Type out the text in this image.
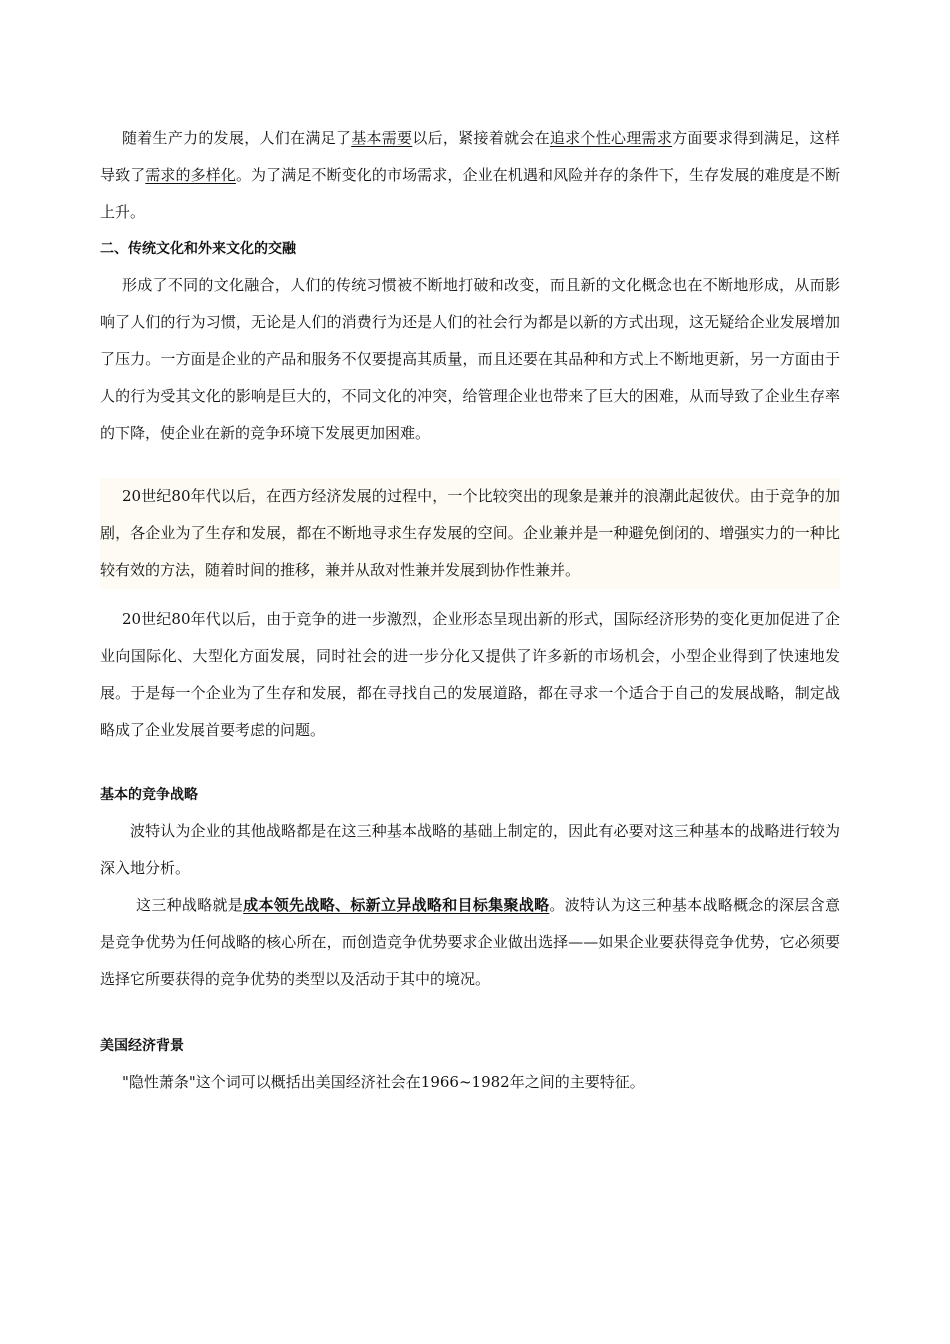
随着生产力的发展，人们在满足了基本需要以后，紧接着就会在追求个性心理需求方面要求得到满足，这样导致了需求的多样化。为了满足不断变化的市场需求，企业在机遇和风险并存的条件下，生存发展的难度是不断上升。

二、传统文化和外来文化的交融

形成了不同的文化融合，人们的传统习惯被不断地打破和改变，而且新的文化概念也在不断地形成，从而影响了人们的行为习惯，无论是人们的消费行为还是人们的社会行为都是以新的方式出现，这无疑给企业发展增加了压力。一方面是企业的产品和服务不仅要提高其质量，而且还要在其品种和方式上不断地更新，另一方面由于人的行为受其文化的影响是巨大的，不同文化的冲突，给管理企业也带来了巨大的困难，从而导致了企业生存率的下降，使企业在新的竞争环境下发展更加困难。

20世纪80年代以后，在西方经济发展的过程中，一个比较突出的现象是兼并的浪潮此起彼伏。由于竞争的加剧，各企业为了生存和发展，都在不断地寻求生存发展的空间。企业兼并是一种避免倒闭的、增强实力的一种比较有效的方法，随着时间的推移，兼并从敌对性兼并发展到协作性兼并。

20世纪80年代以后，由于竞争的进一步激烈，企业形态呈现出新的形式，国际经济形势的变化更加促进了企业向国际化、大型化方面发展，同时社会的进一步分化又提供了许多新的市场机会，小型企业得到了快速地发展。于是每一个企业为了生存和发展，都在寻找自己的发展道路，都在寻求一个适合于自己的发展战略，制定战略成了企业发展首要考虑的问题。

基本的竞争战略

波特认为企业的其他战略都是在这三种基本战略的基础上制定的，因此有必要对这三种基本的战略进行较为深入地分析。

这三种战略就是成本领先战略、标新立异战略和目标集聚战略。波特认为这三种基本战略概念的深层含意是竞争优势为任何战略的核心所在，而创造竞争优势要求企业做出选择——如果企业要获得竞争优势，它必须要选择它所要获得的竞争优势的类型以及活动于其中的境况。

美国经济背景

"隐性萧条"这个词可以概括出美国经济社会在1966~1982年之间的主要特征。
